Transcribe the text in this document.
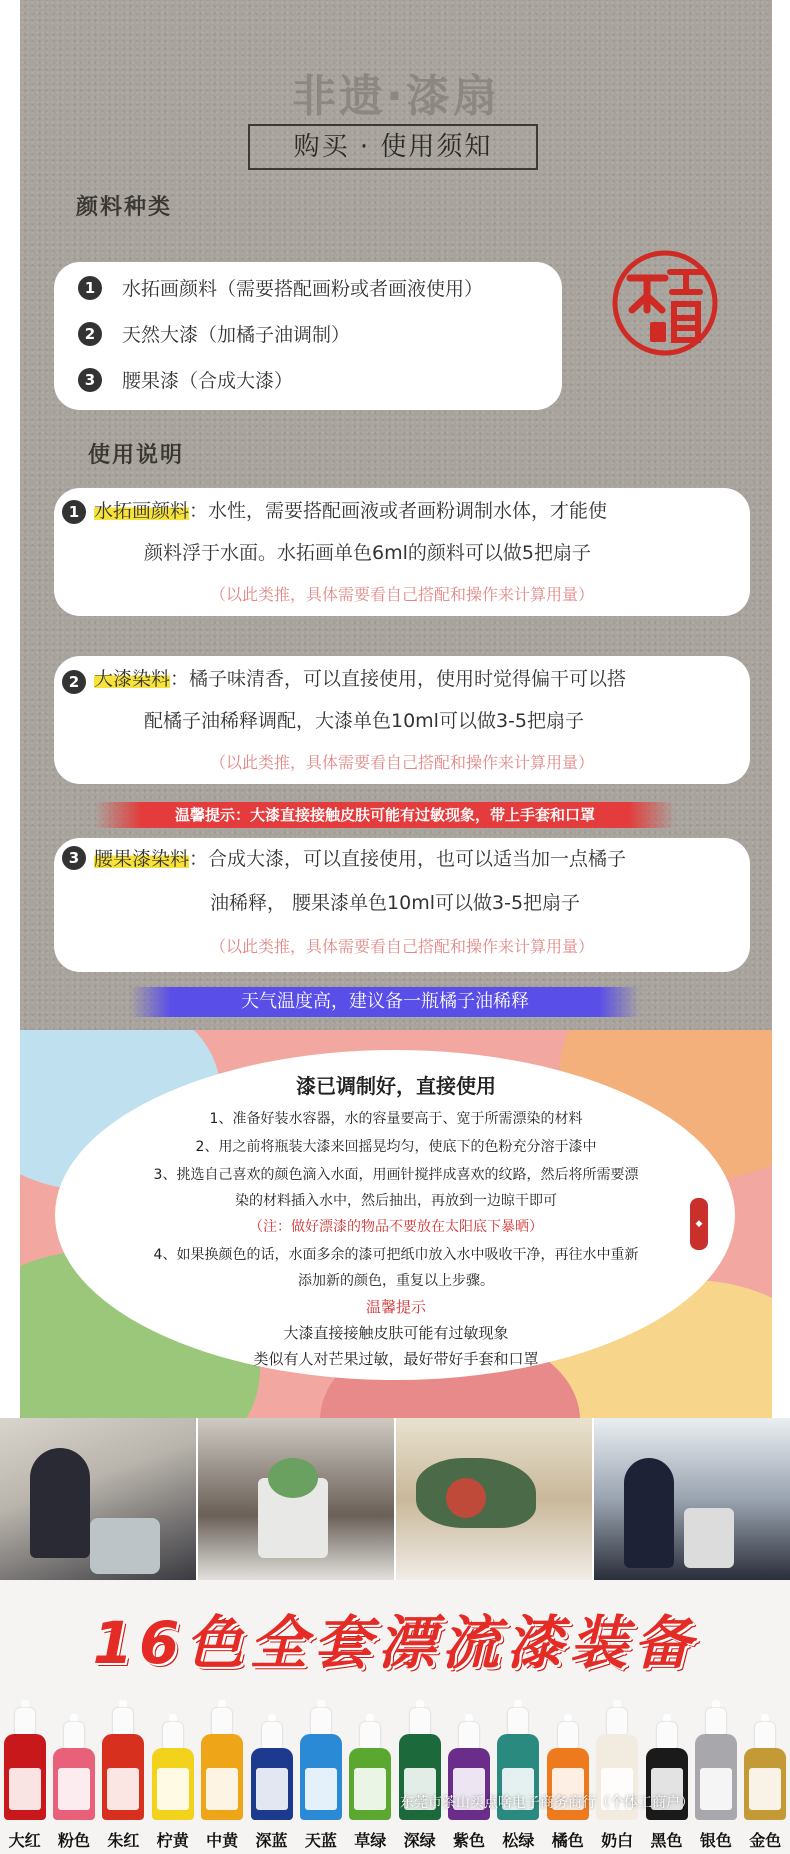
非遗·漆扇
购买 · 使用须知
颜料种类
1	水拓画颜料（需要搭配画粉或者画液使用）
2	天然大漆（加橘子油调制）
3	腰果漆（合成大漆）
使用说明
1 水拓画颜料：水性，需要搭配画液或者画粉调制水体，才能使
颜料浮于水面。水拓画单色6ml的颜料可以做5把扇子
（以此类推，具体需要看自己搭配和操作来计算用量）
2 大漆染料：橘子味清香，可以直接使用，使用时觉得偏干可以搭
配橘子油稀释调配，大漆单色10ml可以做3-5把扇子
（以此类推，具体需要看自己搭配和操作来计算用量）
温馨提示：大漆直接接触皮肤可能有过敏现象，带上手套和口罩
3 腰果漆染料：合成大漆，可以直接使用，也可以适当加一点橘子
油稀释， 腰果漆单色10ml可以做3-5把扇子
（以此类推，具体需要看自己搭配和操作来计算用量）
天气温度高，建议备一瓶橘子油稀释
漆已调制好，直接使用
1、准备好装水容器，水的容量要高于、宽于所需漂染的材料
2、用之前将瓶装大漆来回摇晃均匀，使底下的色粉充分溶于漆中
3、挑选自己喜欢的颜色滴入水面，用画针搅拌成喜欢的纹路，然后将所需要漂
染的材料插入水中，然后抽出，再放到一边晾干即可
（注：做好漂漆的物品不要放在太阳底下暴晒）
4、如果换颜色的话，水面多余的漆可把纸巾放入水中吸收干净，再往水中重新
添加新的颜色，重复以上步骤。
温馨提示
大漆直接接触皮肤可能有过敏现象
类似有人对芒果过敏，最好带好手套和口罩
◆
16色全套漂流漆装备
东莞市茶山买点啥电子商务商行（个体工商户）
大红 粉色 朱红 柠黄 中黄 深蓝 天蓝 草绿 深绿 紫色 松绿 橘色 奶白 黑色 银色 金色
